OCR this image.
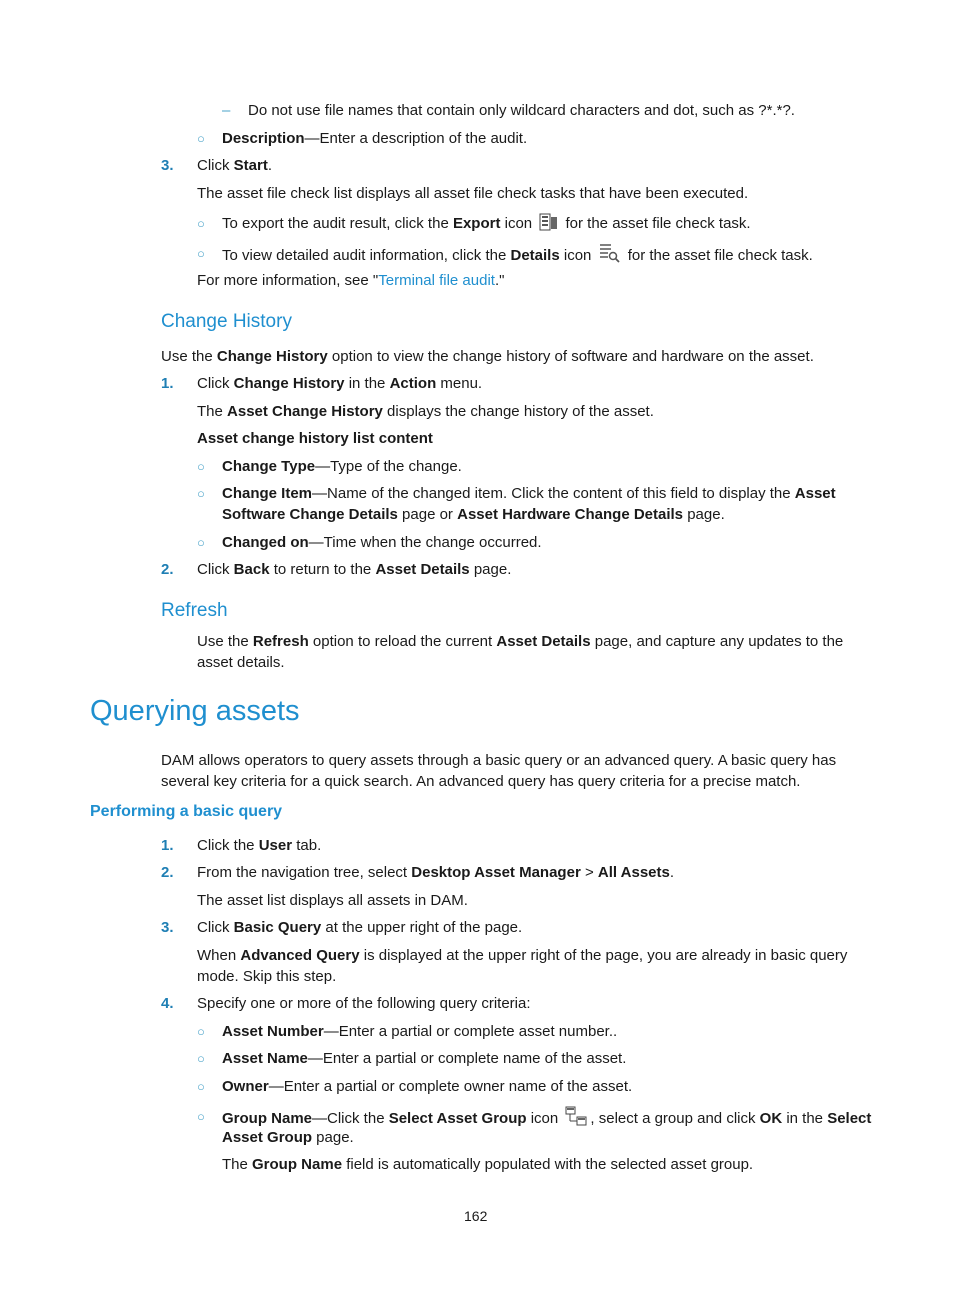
– Do not use file names that contain only wildcard characters and dot, such as ?*.*?.
○ Description—Enter a description of the audit.
3. Click Start.
The asset file check list displays all asset file check tasks that have been executed.
○ To export the audit result, click the Export icon  for the asset file check task.
○ To view detailed audit information, click the Details icon  for the asset file check task.
For more information, see "Terminal file audit."
Change History
Use the Change History option to view the change history of software and hardware on the asset.
1. Click Change History in the Action menu.
The Asset Change History displays the change history of the asset.
Asset change history list content
○ Change Type—Type of the change.
○ Change Item—Name of the changed item. Click the content of this field to display the Asset
Software Change Details page or Asset Hardware Change Details page.
○ Changed on—Time when the change occurred.
2. Click Back to return to the Asset Details page.
Refresh
Use the Refresh option to reload the current Asset Details page, and capture any updates to the
asset details.
Querying assets
DAM allows operators to query assets through a basic query or an advanced query. A basic query has
several key criteria for a quick search. An advanced query has query criteria for a precise match.
Performing a basic query
1. Click the User tab.
2. From the navigation tree, select Desktop Asset Manager > All Assets.
The asset list displays all assets in DAM.
3. Click Basic Query at the upper right of the page.
When Advanced Query is displayed at the upper right of the page, you are already in basic query
mode. Skip this step.
4. Specify one or more of the following query criteria:
○ Asset Number—Enter a partial or complete asset number..
○ Asset Name—Enter a partial or complete name of the asset.
○ Owner—Enter a partial or complete owner name of the asset.
○ Group Name—Click the Select Asset Group icon , select a group and click OK in the Select
Asset Group page.
The Group Name field is automatically populated with the selected asset group.
162
